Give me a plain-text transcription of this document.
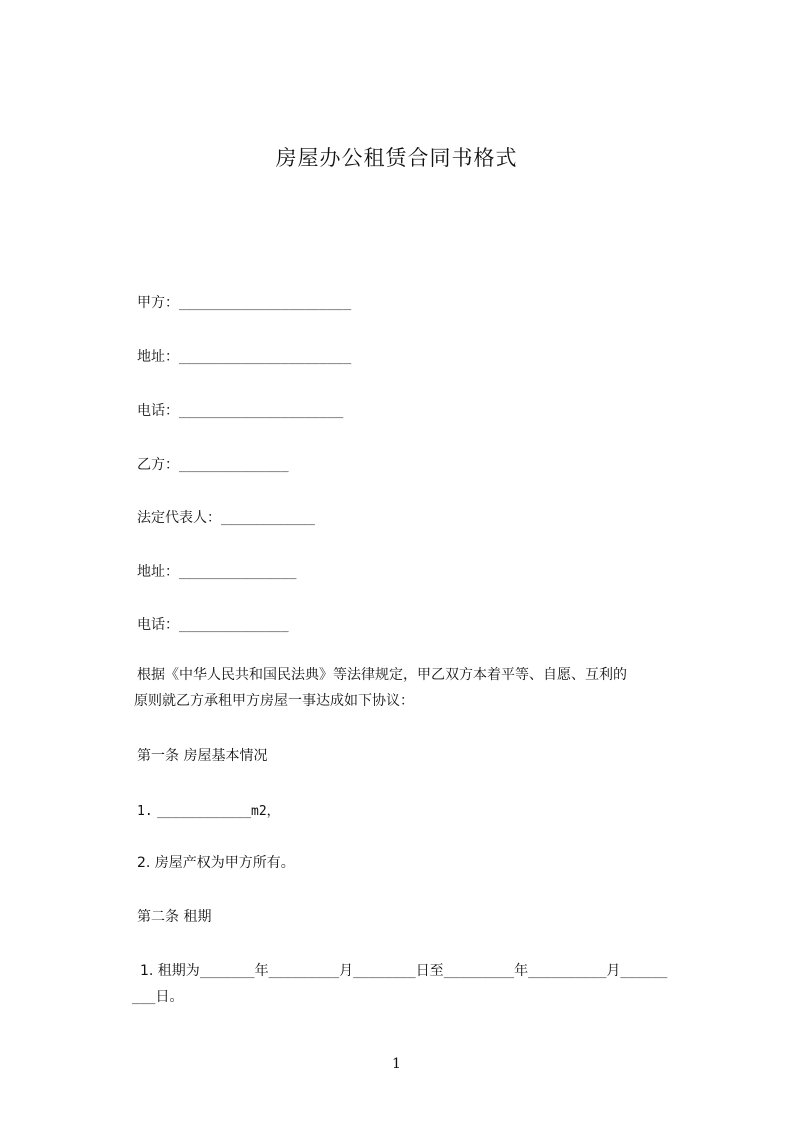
房屋办公租赁合同书格式
甲方：______________________
地址：______________________
电话：_____________________
乙方：______________
法定代表人：____________
地址：_______________
电话：______________
根据《中华人民共和国民法典》等法律规定，甲乙双方本着平等、自愿、互利的
原则就乙方承租甲方房屋一事达成如下协议：
第一条 房屋基本情况
1. ____________m2，
2. 房屋产权为甲方所有。
第二条 租期
1. 租期为_______年_________月________日至_________年__________月______
___日。
1
